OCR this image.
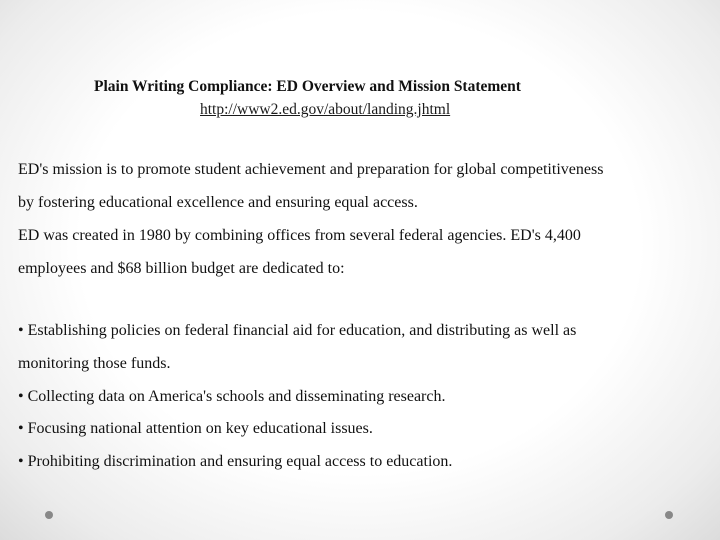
Plain Writing Compliance: ED Overview and Mission Statement
http://www2.ed.gov/about/landing.jhtml
ED's mission is to promote student achievement and preparation for global competitiveness
by fostering educational excellence and ensuring equal access.
ED was created in 1980 by combining offices from several federal agencies. ED's 4,400
employees and $68 billion budget are dedicated to:
• Establishing policies on federal financial aid for education, and distributing as well as
monitoring those funds.
• Collecting data on America's schools and disseminating research.
• Focusing national attention on key educational issues.
• Prohibiting discrimination and ensuring equal access to education.
